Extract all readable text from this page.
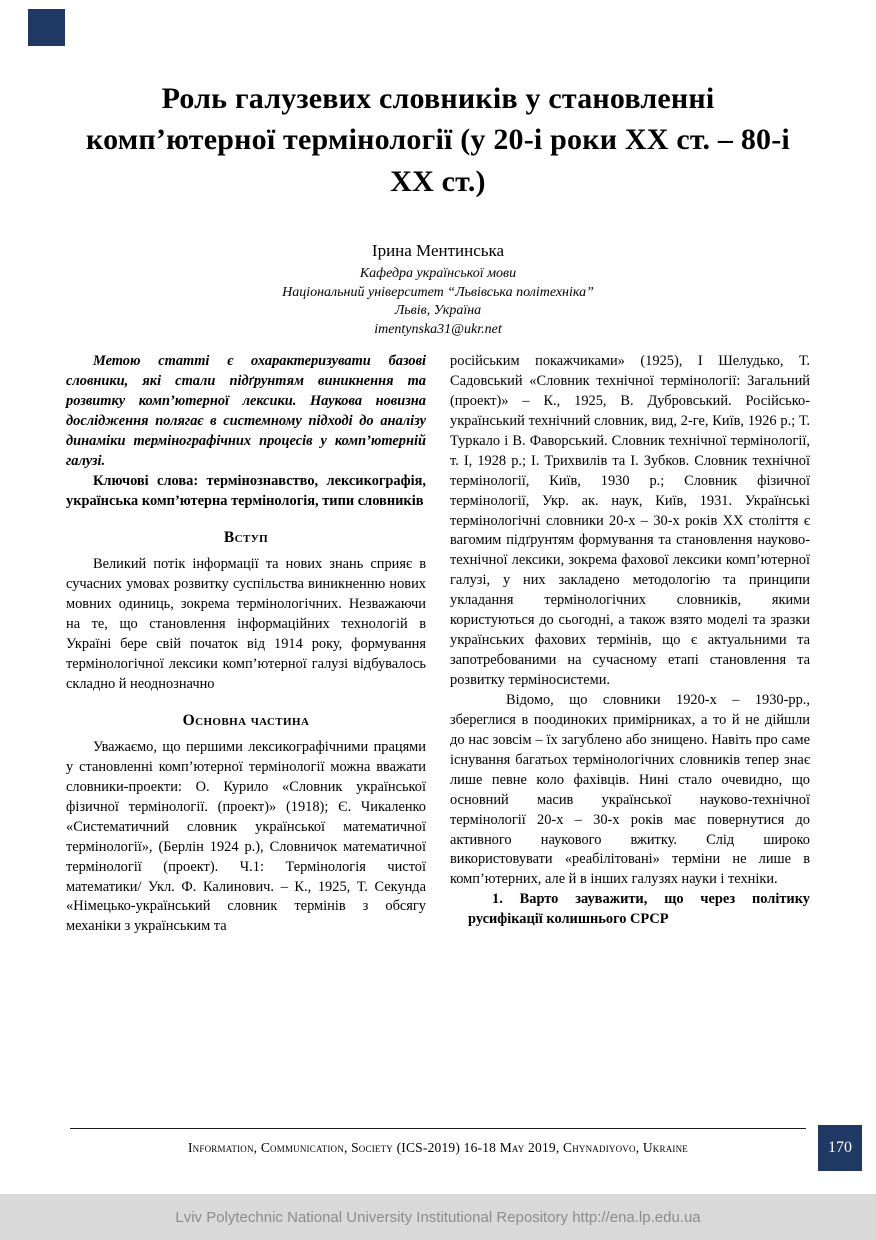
Роль галузевих словників у становленні комп’ютерної термінології (у 20-і роки ХХ ст. – 80-і ХХ ст.)
Ірина Ментинська
Кафедра української мови
Національний університет “Львівська політехніка”
Львів, Україна
imentynska31@ukr.net

Метою статті є охарактеризувати базові словники, які стали підґрунтям виникнення та розвитку комп’ютерної лексики. Наукова новизна дослідження полягає в системному підході до аналізу динаміки термінографічних процесів у комп’ютерній галузі.

Ключові слова: термінознавство, лексикографія, українська комп’ютерна термінологія, типи словників

Вступ

Великий потік інформації та нових знань сприяє в сучасних умовах розвитку суспільства виникненню нових мовних одиниць, зокрема термінологічних. Незважаючи на те, що становлення інформаційних технологій в Україні бере свій початок від 1914 року, формування термінологічної лексики комп’ютерної галузі відбувалось складно й неоднозначно

Основна частина

Уважаємо, що першими лексикографічними працями у становленні комп’ютерної термінології можна вважати словники-проекти: О. Курило «Словник української фізичної термінології. (проект)» (1918); Є. Чикаленко «Систематичний словник української математичної термінології», (Берлін 1924 р.), Словничок математичної термінології (проект). Ч.1: Термінологія чистої математики/ Укл. Ф. Калинович. – К., 1925, Т. Секунда «Німецько-український словник термінів з обсягу механіки з українським та

російським покажчиками» (1925), І Шелудько, Т. Садовський «Словник технічної термінології: Загальний (проект)» – К., 1925, В. Дубровський. Російсько-український технічний словник, вид, 2-ге, Київ, 1926 р.; Т. Туркало і В. Фаворський. Словник технічної термінології, т. І, 1928 р.; І. Трихвилів та І. Зубков. Словник технічної термінології, Київ, 1930 р.; Словник фізичної термінології, Укр. ак. наук, Київ, 1931. Українські термінологічні словники 20-х – 30-х років ХХ століття є вагомим підґрунтям формування та становлення науково-технічної лексики, зокрема фахової лексики комп’ютерної галузі, у них закладено методологію та принципи укладання термінологічних словників, якими користуються до сьогодні, а також взято моделі та зразки українських фахових термінів, що є актуальними та запотребованими на сучасному етапі становлення та розвитку терміносистеми.

Відомо, що словники 1920-х – 1930-рр., збереглися в поодиноких примірниках, а то й не дійшли до нас зовсім – їх загублено або знищено. Навіть про саме існування багатьох термінологічних словників тепер знає лише певне коло фахівців. Нині стало очевидно, що основний масив української науково-технічної термінології 20-х – 30-х років має повернутися до активного наукового вжитку. Слід широко використовувати «реабілітовані» терміни не лише в комп’ютерних, але й в інших галузях науки і техніки.

1. Варто зауважити, що через політику русифікації колишнього СРСР

Information, Communication, Society (ICS-2019) 16-18 May 2019, Chynadiyovo, Ukraine	170
Lviv Polytechnic National University Institutional Repository http://ena.lp.edu.ua
